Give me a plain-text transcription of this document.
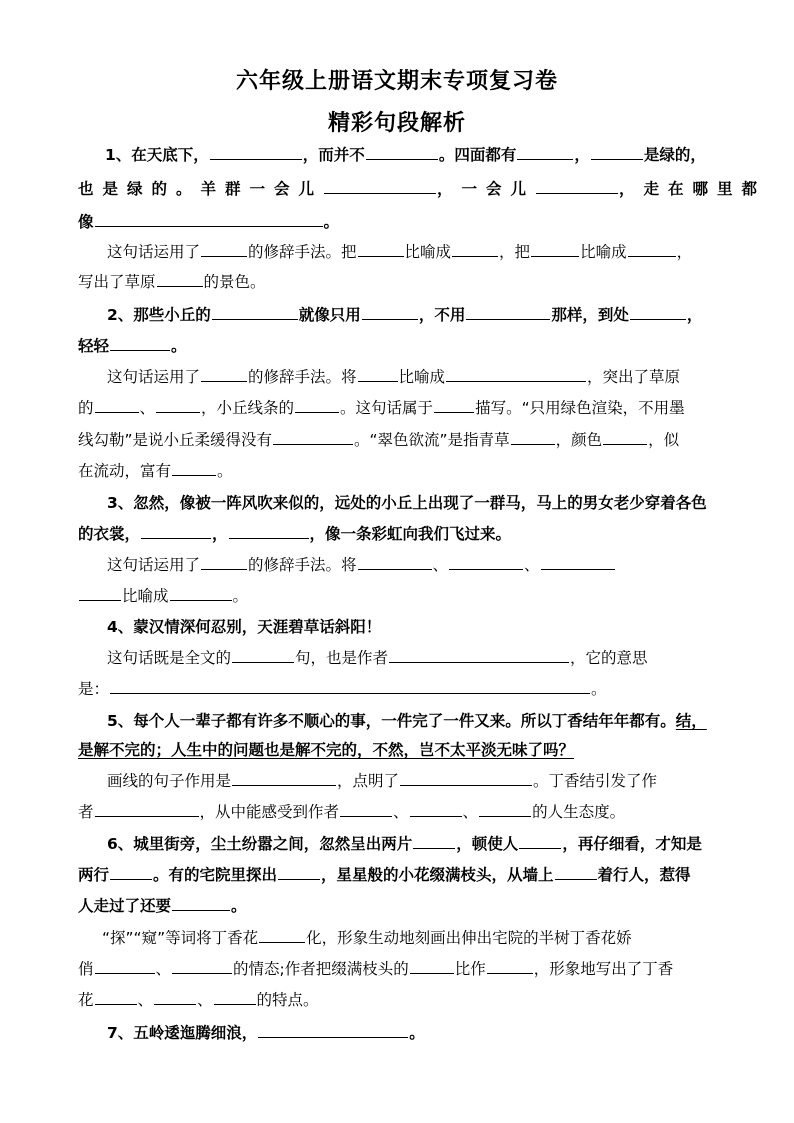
六年级上册语文期末专项复习卷
精彩句段解析
1、在天底下，	，而并不	。四面都有	，	是绿的，
也是绿的。羊群一会儿	，一会儿	，走在哪里都
像	。
这句话运用了	的修辞手法。把	比喻成	，把	比喻成	，
写出了草原	的景色。
2、那些小丘的	就像只用	，不用	那样，到处	，
轻轻	。
这句话运用了	的修辞手法。将	比喻成	，突出了草原
的	、	，小丘线条的	。这句话属于	描写。“只用绿色渲染，不用墨
线勾勒”是说小丘柔缓得没有	。“翠色欲流”是指青草	，颜色	，似
在流动，富有	。
3、忽然，像被一阵风吹来似的，远处的小丘上出现了一群马，马上的男女老少穿着各色
的衣裳，	，	，像一条彩虹向我们飞过来。
这句话运用了	的修辞手法。将	、	、
比喻成	。
4、蒙汉情深何忍别，天涯碧草话斜阳！
这句话既是全文的	句，也是作者	，它的意思
是：	。
5、每个人一辈子都有许多不顺心的事，一件完了一件又来。所以丁香结年年都有。结，
是解不完的；人生中的问题也是解不完的，不然，岂不太平淡无味了吗？
画线的句子作用是	，点明了	。丁香结引发了作
者	，从中能感受到作者	、	、	的人生态度。
6、城里街旁，尘土纷嚣之间，忽然呈出两片	，顿使人	，再仔细看，才知是
两行	。有的宅院里探出	，星星般的小花缀满枝头，从墙上	着行人，惹得
人走过了还要	。
“探”“窥”等词将丁香花	化，形象生动地刻画出伸出宅院的半树丁香花娇
俏	、	的情态;作者把缀满枝头的	比作	，形象地写出了丁香
花	、	、	的特点。
7、五岭逶迤腾细浪，	。
